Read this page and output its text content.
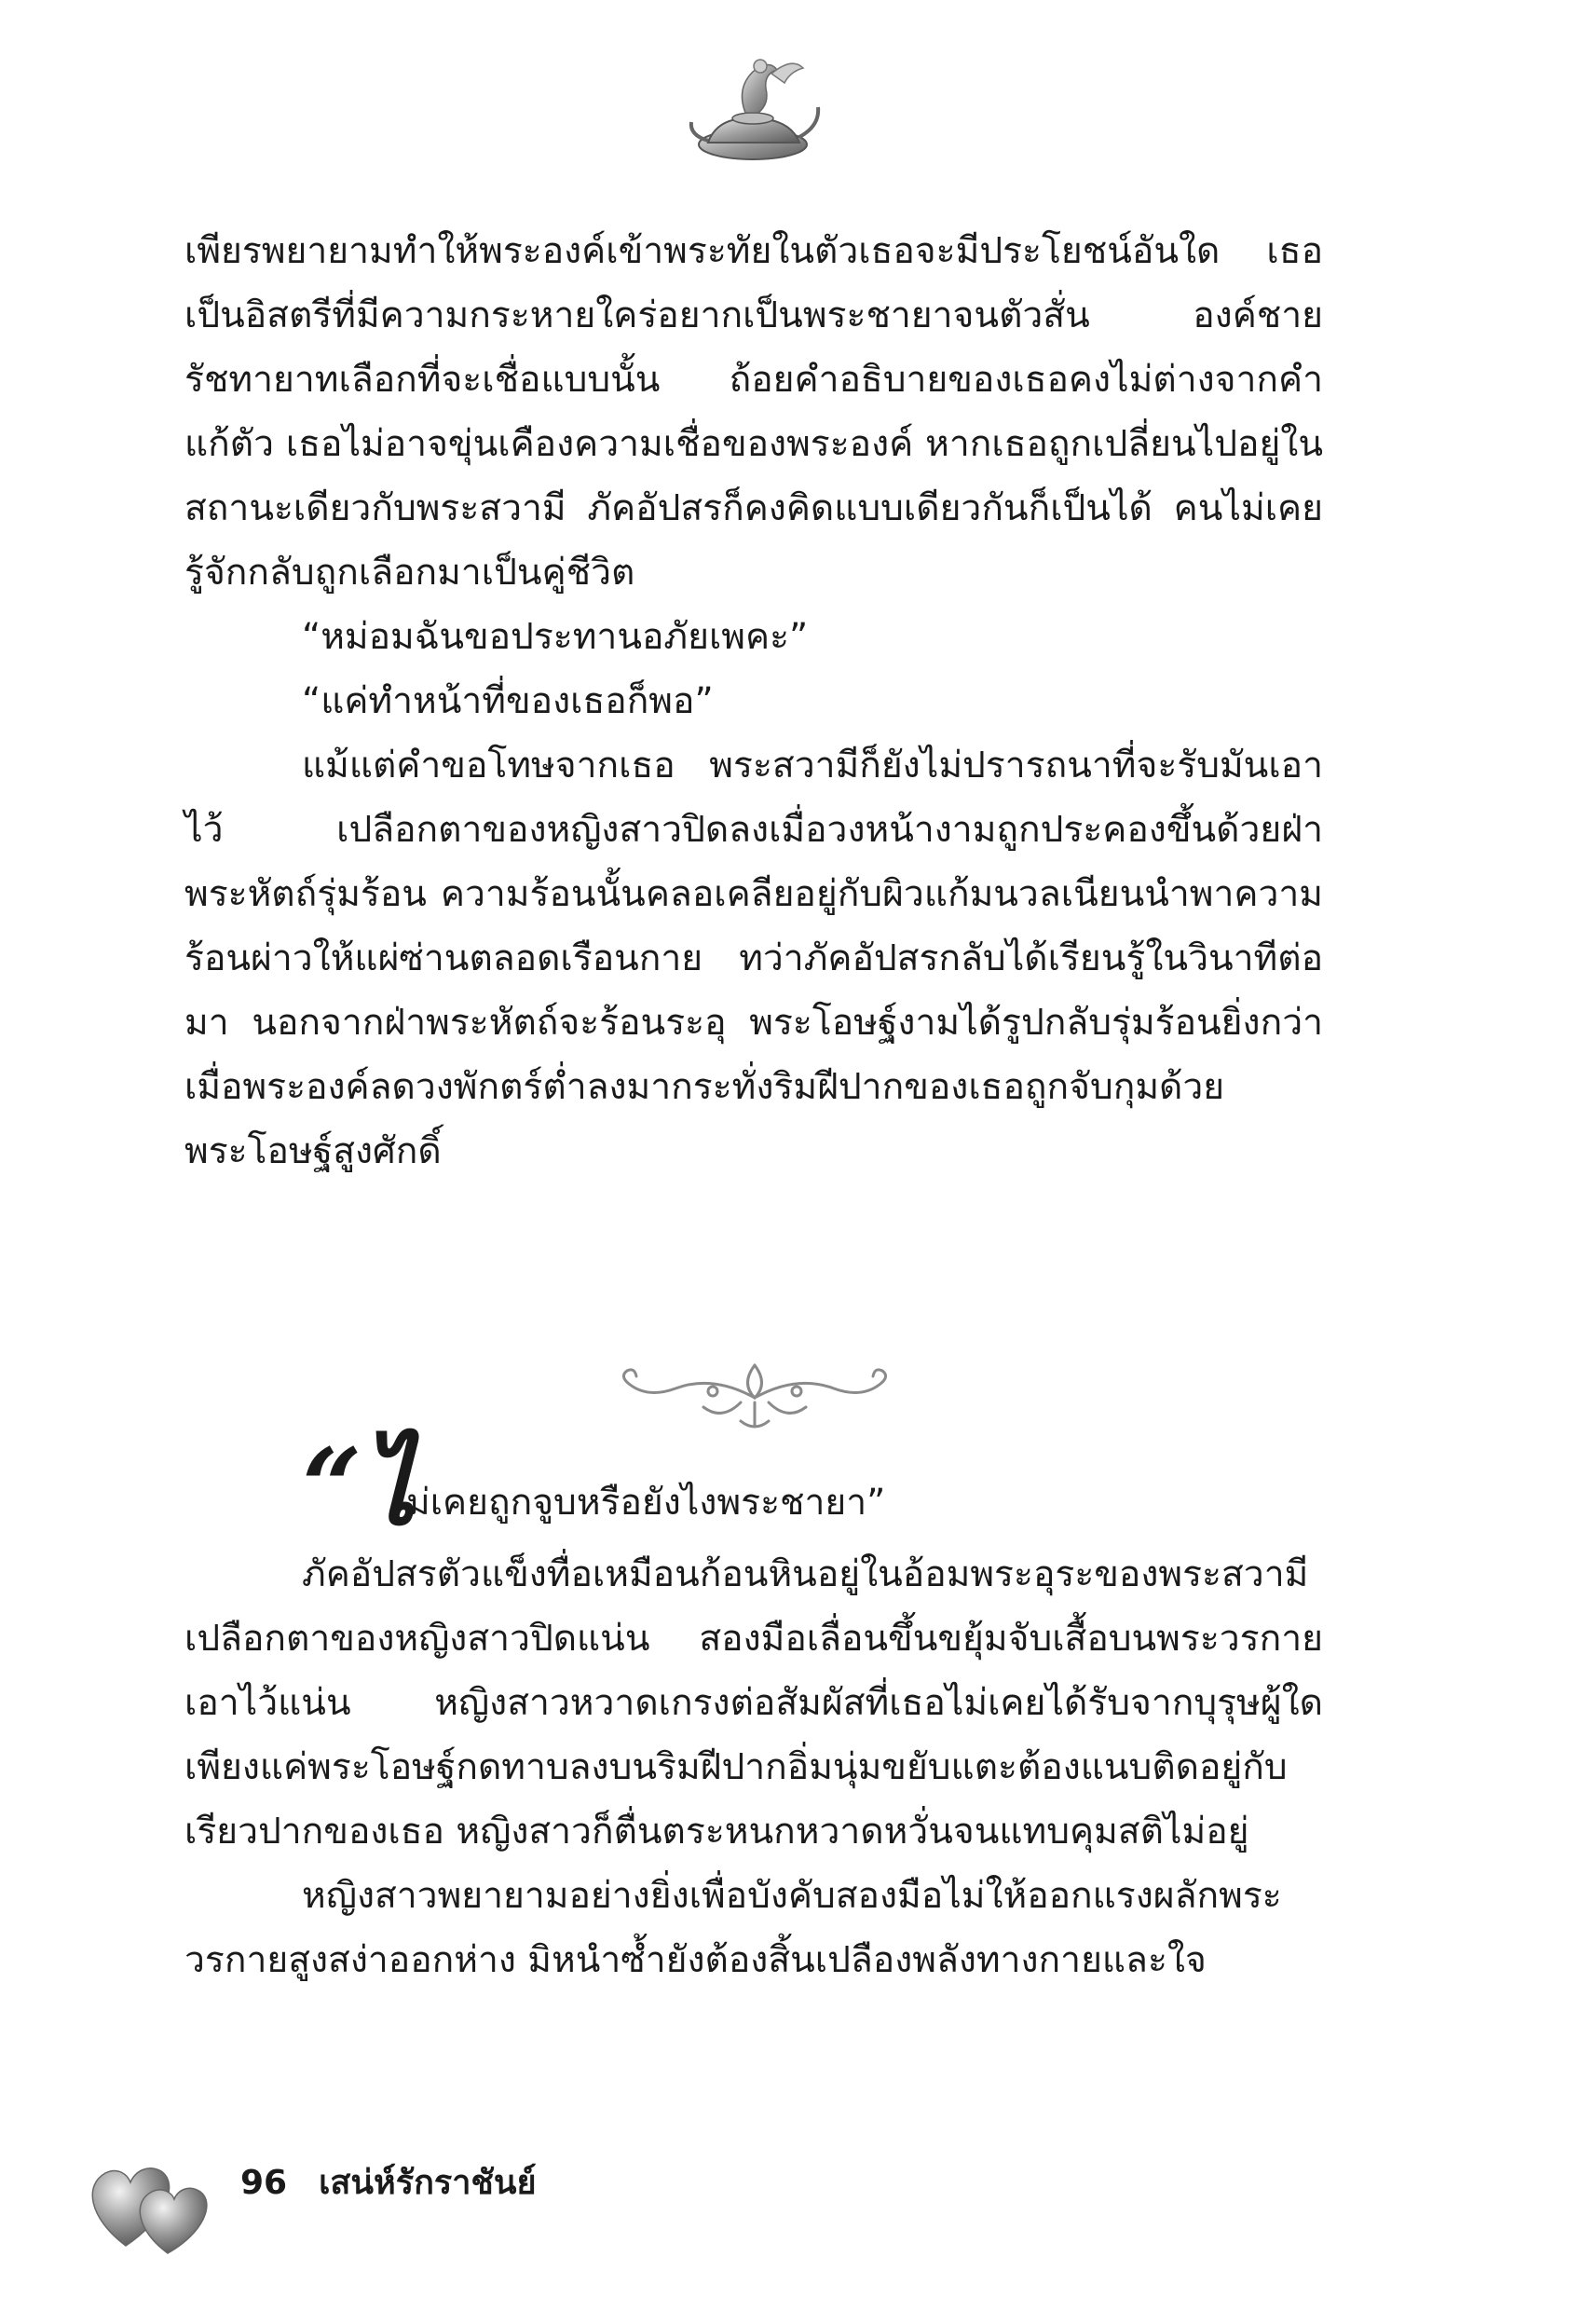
เพียรพยายามทำให้พระองค์เข้าพระทัยในตัวเธอจะมีประโยชน์อันใด เธอเป็นอิสตรีที่มีความกระหายใคร่อยากเป็นพระชายาจนตัวสั่น องค์ชายรัชทายาทเลือกที่จะเชื่อแบบนั้น ถ้อยคำอธิบายของเธอคงไม่ต่างจากคำแก้ตัว เธอไม่อาจขุ่นเคืองความเชื่อของพระองค์ หากเธอถูกเปลี่ยนไปอยู่ในสถานะเดียวกับพระสวามี ภัคอัปสรก็คงคิดแบบเดียวกันก็เป็นได้ คนไม่เคยรู้จักกลับถูกเลือกมาเป็นคู่ชีวิต

“หม่อมฉันขอประทานอภัยเพคะ”

“แค่ทำหน้าที่ของเธอก็พอ”

แม้แต่คำขอโทษจากเธอ พระสวามีก็ยังไม่ปรารถนาที่จะรับมันเอาไว้ เปลือกตาของหญิงสาวปิดลงเมื่อวงหน้างามถูกประคองขึ้นด้วยฝ่าพระหัตถ์รุ่มร้อน ความร้อนนั้นคลอเคลียอยู่กับผิวแก้มนวลเนียนนำพาความร้อนผ่าวให้แผ่ซ่านตลอดเรือนกาย ทว่าภัคอัปสรกลับได้เรียนรู้ในวินาทีต่อมา นอกจากฝ่าพระหัตถ์จะร้อนระอุ พระโอษฐ์งามได้รูปกลับรุ่มร้อนยิ่งกว่า เมื่อพระองค์ลดวงพักตร์ต่ำลงมากระทั่งริมฝีปากของเธอถูกจับกุมด้วยพระโอษฐ์สูงศักดิ์

“ไ
ม่เคยถูกจูบหรือยังไงพระชายา”

ภัคอัปสรตัวแข็งทื่อเหมือนก้อนหินอยู่ในอ้อมพระอุระของพระสวามี เปลือกตาของหญิงสาวปิดแน่น สองมือเลื่อนขึ้นขยุ้มจับเสื้อบนพระวรกายเอาไว้แน่น หญิงสาวหวาดเกรงต่อสัมผัสที่เธอไม่เคยได้รับจากบุรุษผู้ใด เพียงแค่พระโอษฐ์กดทาบลงบนริมฝีปากอิ่มนุ่มขยับแตะต้องแนบติดอยู่กับเรียวปากของเธอ หญิงสาวก็ตื่นตระหนกหวาดหวั่นจนแทบคุมสติไม่อยู่

หญิงสาวพยายามอย่างยิ่งเพื่อบังคับสองมือไม่ให้ออกแรงผลักพระวรกายสูงสง่าออกห่าง มิหนำซ้ำยังต้องสิ้นเปลืองพลังทางกายและใจ

96 เสน่ห์รักราชันย์
